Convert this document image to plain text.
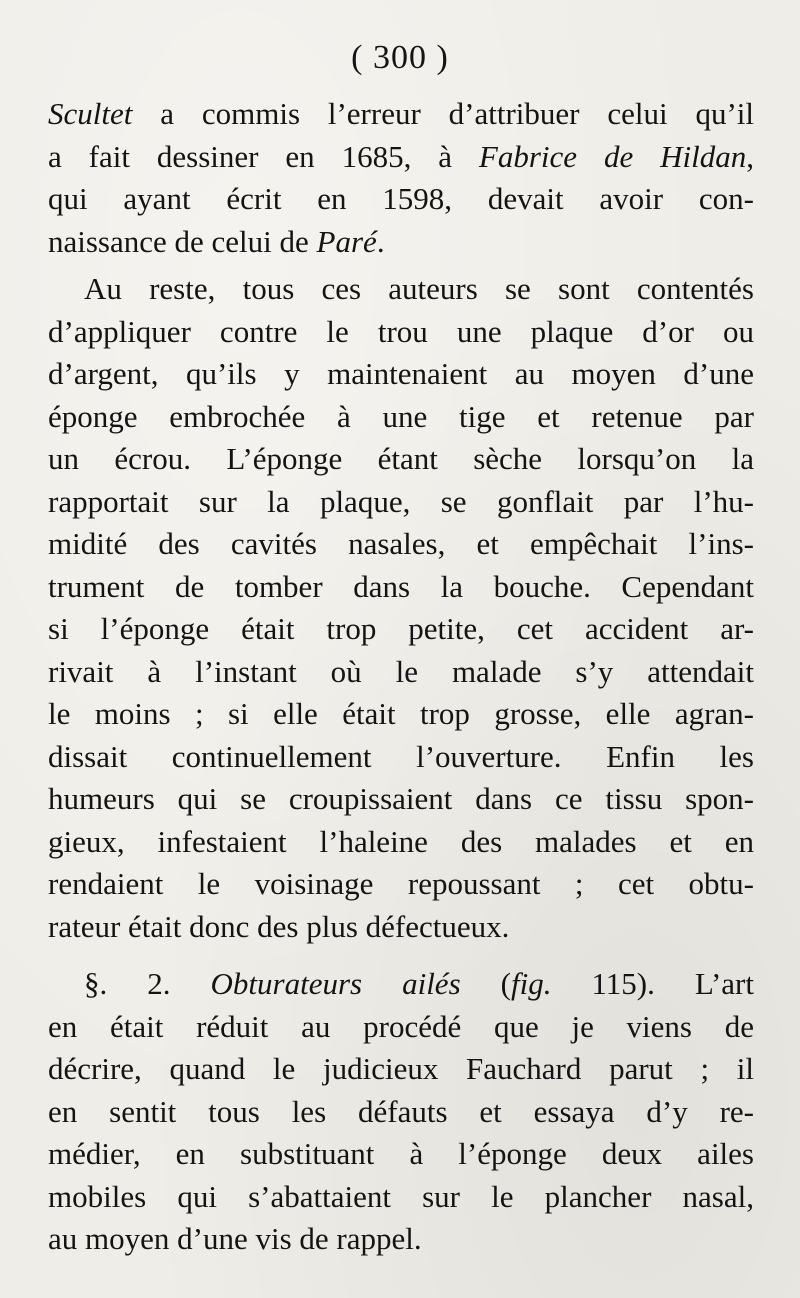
( 300 )
Scultet a commis l’erreur d’attribuer celui qu’il
a fait dessiner en 1685, à Fabrice de Hildan,
qui ayant écrit en 1598, devait avoir con-
naissance de celui de Paré.
Au reste, tous ces auteurs se sont contentés
d’appliquer contre le trou une plaque d’or ou
d’argent, qu’ils y maintenaient au moyen d’une
éponge embrochée à une tige et retenue par
un écrou. L’éponge étant sèche lorsqu’on la
rapportait sur la plaque, se gonflait par l’hu-
midité des cavités nasales, et empêchait l’ins-
trument de tomber dans la bouche. Cependant
si l’éponge était trop petite, cet accident ar-
rivait à l’instant où le malade s’y attendait
le moins ; si elle était trop grosse, elle agran-
dissait continuellement l’ouverture. Enfin les
humeurs qui se croupissaient dans ce tissu spon-
gieux, infestaient l’haleine des malades et en
rendaient le voisinage repoussant ; cet obtu-
rateur était donc des plus défectueux.
§. 2. Obturateurs ailés (fig. 115). L’art
en était réduit au procédé que je viens de
décrire, quand le judicieux Fauchard parut ; il
en sentit tous les défauts et essaya d’y re-
médier, en substituant à l’éponge deux ailes
mobiles qui s’abattaient sur le plancher nasal,
au moyen d’une vis de rappel.
